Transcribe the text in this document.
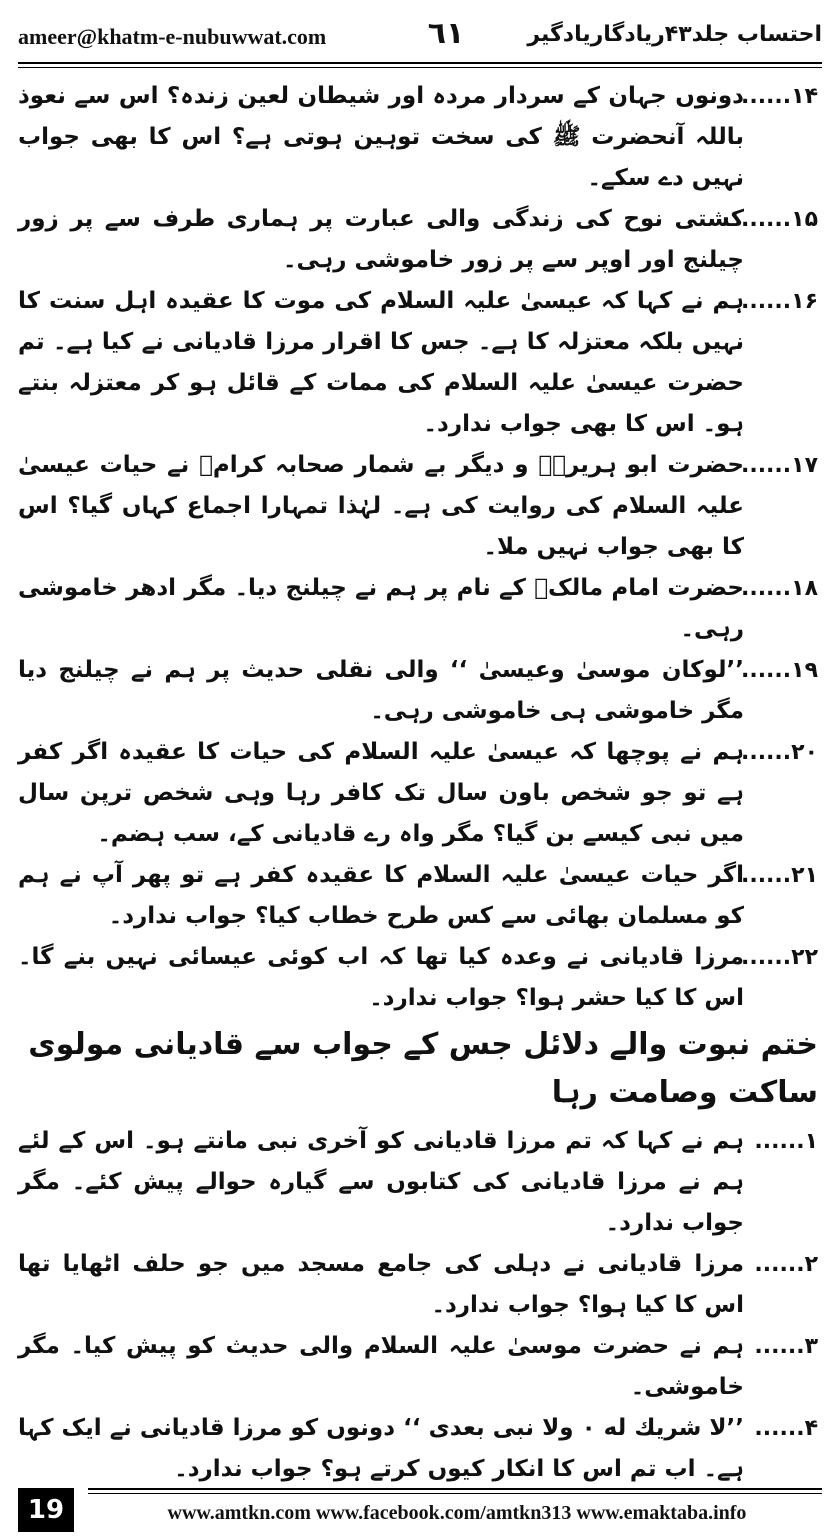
ameer@khatm-e-nubuwwat.com	٦١	احتساب جلد۴۳ریادگاریادگیر
۱۴......
دونوں جہان کے سردار مردہ اور شیطان لعین زندہ؟ اس سے نعوذ باللہ آنحضرت ﷺ کی سخت توہین ہوتی ہے؟ اس کا بھی جواب نہیں دے سکے۔
۱۵......
کشتی نوح کی زندگی والی عبارت پر ہماری طرف سے پر زور چیلنج اور اوپر سے پر زور خاموشی رہی۔
۱۶......
ہم نے کہا کہ عیسیٰ علیہ السلام کی موت کا عقیدہ اہل سنت کا نہیں بلکہ معتزلہ کا ہے۔ جس کا اقرار مرزا قادیانی نے کیا ہے۔ تم حضرت عیسیٰ علیہ السلام کی ممات کے قائل ہو کر معتزلہ بنتے ہو۔ اس کا بھی جواب ندارد۔
۱۷......
حضرت ابو ہریرہؓ و دیگر بے شمار صحابہ کرامؓ نے حیات عیسیٰ علیہ السلام کی روایت کی ہے۔ لہٰذا تمہارا اجماع کہاں گیا؟ اس کا بھی جواب نہیں ملا۔
۱۸......
حضرت امام مالکؒ کے نام پر ہم نے چیلنج دیا۔ مگر ادھر خاموشی رہی۔
۱۹......
’’لوکان موسیٰ وعیسیٰ ‘‘ والی نقلی حدیث پر ہم نے چیلنج دیا مگر خاموشی ہی خاموشی رہی۔
۲۰......
ہم نے پوچھا کہ عیسیٰ علیہ السلام کی حیات کا عقیدہ اگر کفر ہے تو جو شخص باون سال تک کافر رہا وہی شخص ترپن سال میں نبی کیسے بن گیا؟ مگر واہ رے قادیانی کے، سب ہضم۔
۲۱......
اگر حیات عیسیٰ علیہ السلام کا عقیدہ کفر ہے تو پھر آپ نے ہم کو مسلمان بھائی سے کس طرح خطاب کیا؟ جواب ندارد۔
۲۲......
مرزا قادیانی نے وعدہ کیا تھا کہ اب کوئی عیسائی نہیں بنے گا۔ اس کا کیا حشر ہوا؟ جواب ندارد۔
ختم نبوت والے دلائل جس کے جواب سے قادیانی مولوی ساکت وصامت رہا
۱......
ہم نے کہا کہ تم مرزا قادیانی کو آخری نبی مانتے ہو۔ اس کے لئے ہم نے مرزا قادیانی کی کتابوں سے گیارہ حوالے پیش کئے۔ مگر جواب ندارد۔
۲......
مرزا قادیانی نے دہلی کی جامع مسجد میں جو حلف اٹھایا تھا اس کا کیا ہوا؟ جواب ندارد۔
۳......
ہم نے حضرت موسیٰ علیہ السلام والی حدیث کو پیش کیا۔ مگر خاموشی۔
۴......
’’لا شریك له ۰ ولا نبی بعدی ‘‘ دونوں کو مرزا قادیانی نے ایک کہا ہے۔ اب تم اس کا انکار کیوں کرتے ہو؟ جواب ندارد۔
19	www.amtkn.com www.facebook.com/amtkn313 www.emaktaba.info
